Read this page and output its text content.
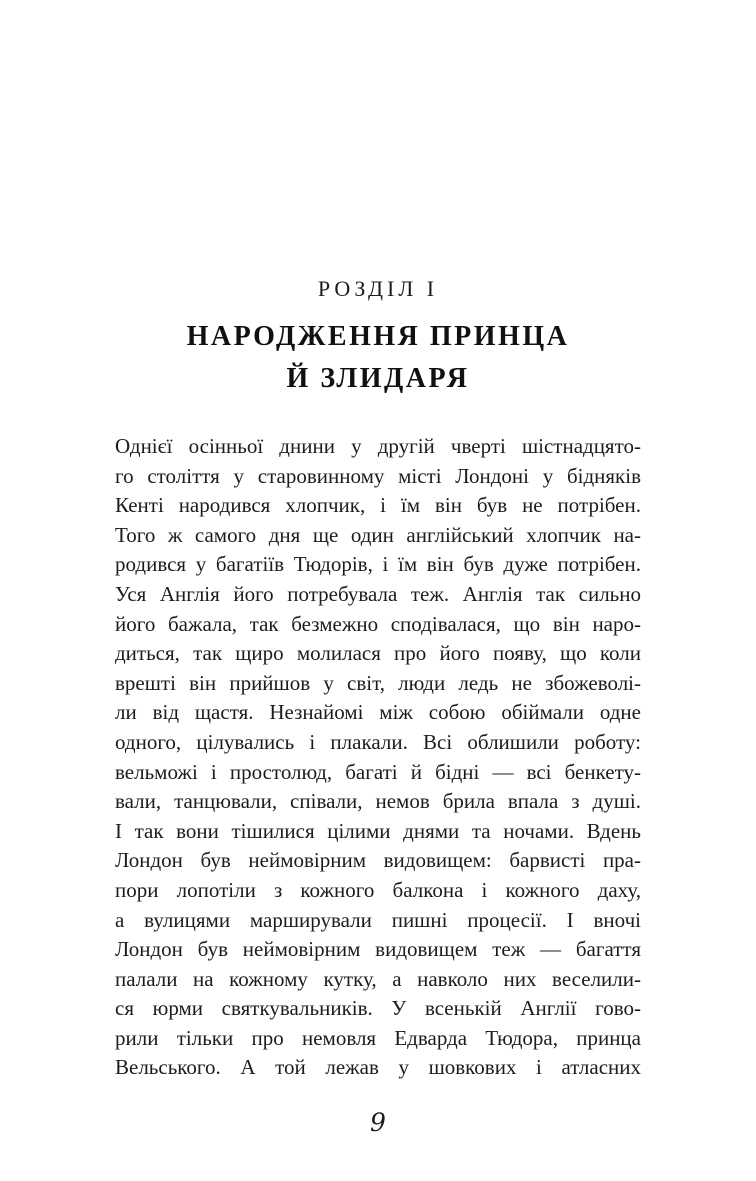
РОЗДІЛ I
НАРОДЖЕННЯ ПРИНЦА
Й ЗЛИДАРЯ
Однієї осінньої днини у другій чверті шістнадцято-
го століття у старовинному місті Лондоні у бідняків
Кенті народився хлопчик, і їм він був не потрібен.
Того ж самого дня ще один англійський хлопчик на-
родився у багатіїв Тюдорів, і їм він був дуже потрібен.
Уся Англія його потребувала теж. Англія так сильно
його бажала, так безмежно сподівалася, що він наро-
диться, так щиро молилася про його появу, що коли
врешті він прийшов у світ, люди ледь не збожеволі-
ли від щастя. Незнайомі між собою обіймали одне
одного, цілувались і плакали. Всі облишили роботу:
вельможі і простолюд, багаті й бідні — всі бенкету-
вали, танцювали, співали, немов брила впала з душі.
І так вони тішилися цілими днями та ночами. Вдень
Лондон був неймовірним видовищем: барвисті пра-
пори лопотіли з кожного балкона і кожного даху,
а вулицями марширували пишні процесії. І вночі
Лондон був неймовірним видовищем теж — багаття
палали на кожному кутку, а навколо них веселили-
ся юрми святкувальників. У всенькій Англії гово-
рили тільки про немовля Едварда Тюдора, принца
Вельського. А той лежав у шовкових і атласних
9
